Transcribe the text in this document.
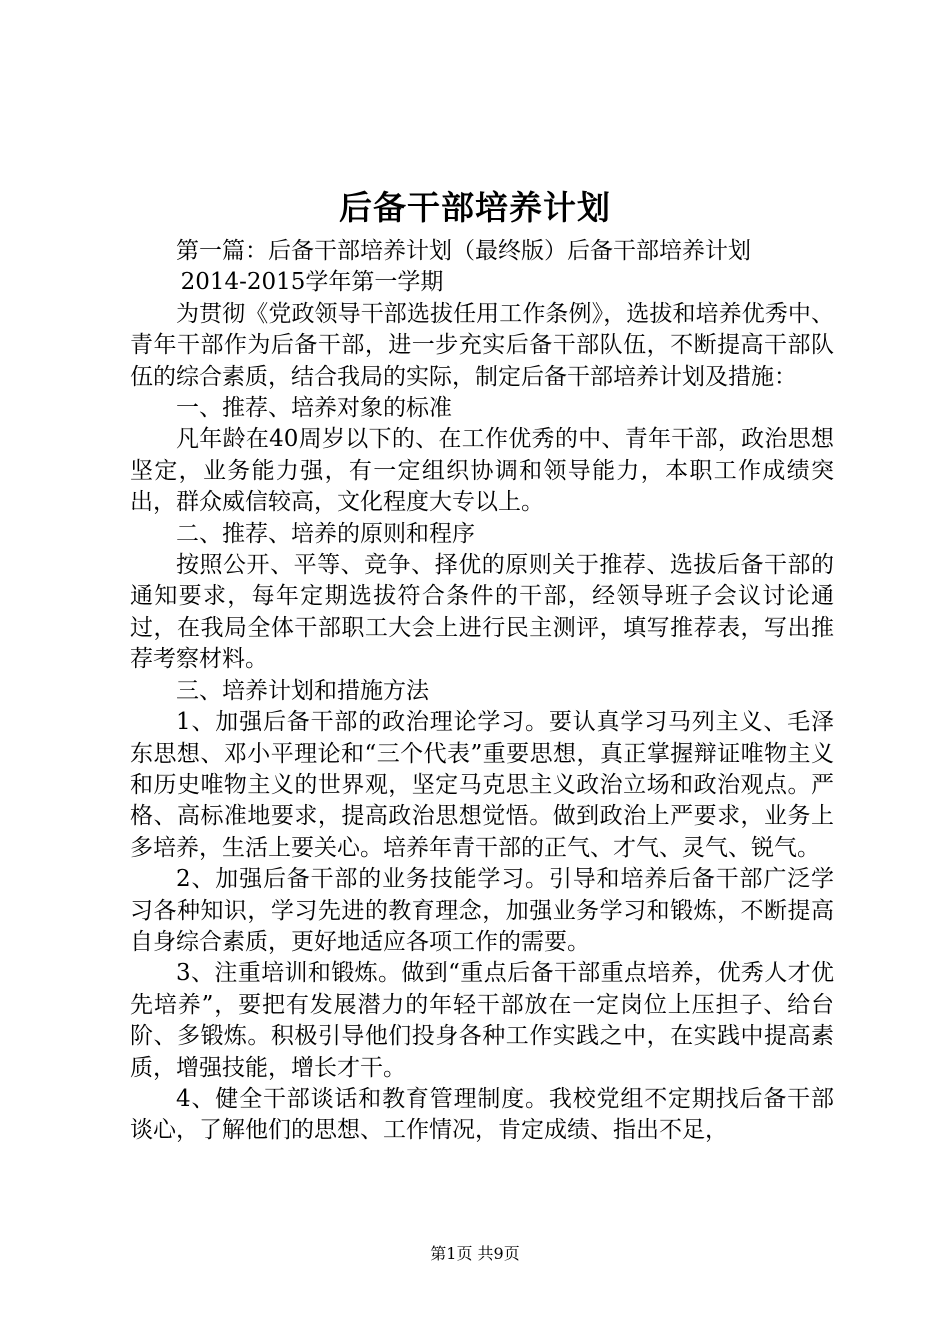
后备干部培养计划

第一篇：后备干部培养计划（最终版）后备干部培养计划

2014-2015学年第一学期

为贯彻《党政领导干部选拔任用工作条例》，选拔和培养优秀中、青年干部作为后备干部，进一步充实后备干部队伍，不断提高干部队伍的综合素质，结合我局的实际，制定后备干部培养计划及措施：

一、推荐、培养对象的标准

凡年龄在40周岁以下的、在工作优秀的中、青年干部，政治思想坚定，业务能力强，有一定组织协调和领导能力，本职工作成绩突出，群众威信较高，文化程度大专以上。

二、推荐、培养的原则和程序

按照公开、平等、竞争、择优的原则关于推荐、选拔后备干部的通知要求，每年定期选拔符合条件的干部，经领导班子会议讨论通过，在我局全体干部职工大会上进行民主测评，填写推荐表，写出推荐考察材料。

三、培养计划和措施方法

1、加强后备干部的政治理论学习。要认真学习马列主义、毛泽东思想、邓小平理论和“三个代表”重要思想，真正掌握辩证唯物主义和历史唯物主义的世界观，坚定马克思主义政治立场和政治观点。严格、高标准地要求，提高政治思想觉悟。做到政治上严要求，业务上多培养，生活上要关心。培养年青干部的正气、才气、灵气、锐气。

2、加强后备干部的业务技能学习。引导和培养后备干部广泛学习各种知识，学习先进的教育理念，加强业务学习和锻炼，不断提高自身综合素质，更好地适应各项工作的需要。

3、注重培训和锻炼。做到“重点后备干部重点培养，优秀人才优先培养”，要把有发展潜力的年轻干部放在一定岗位上压担子、给台阶、多锻炼。积极引导他们投身各种工作实践之中，在实践中提高素质，增强技能，增长才干。

4、健全干部谈话和教育管理制度。我校党组不定期找后备干部谈心，了解他们的思想、工作情况，肯定成绩、指出不足，

第1页 共9页
